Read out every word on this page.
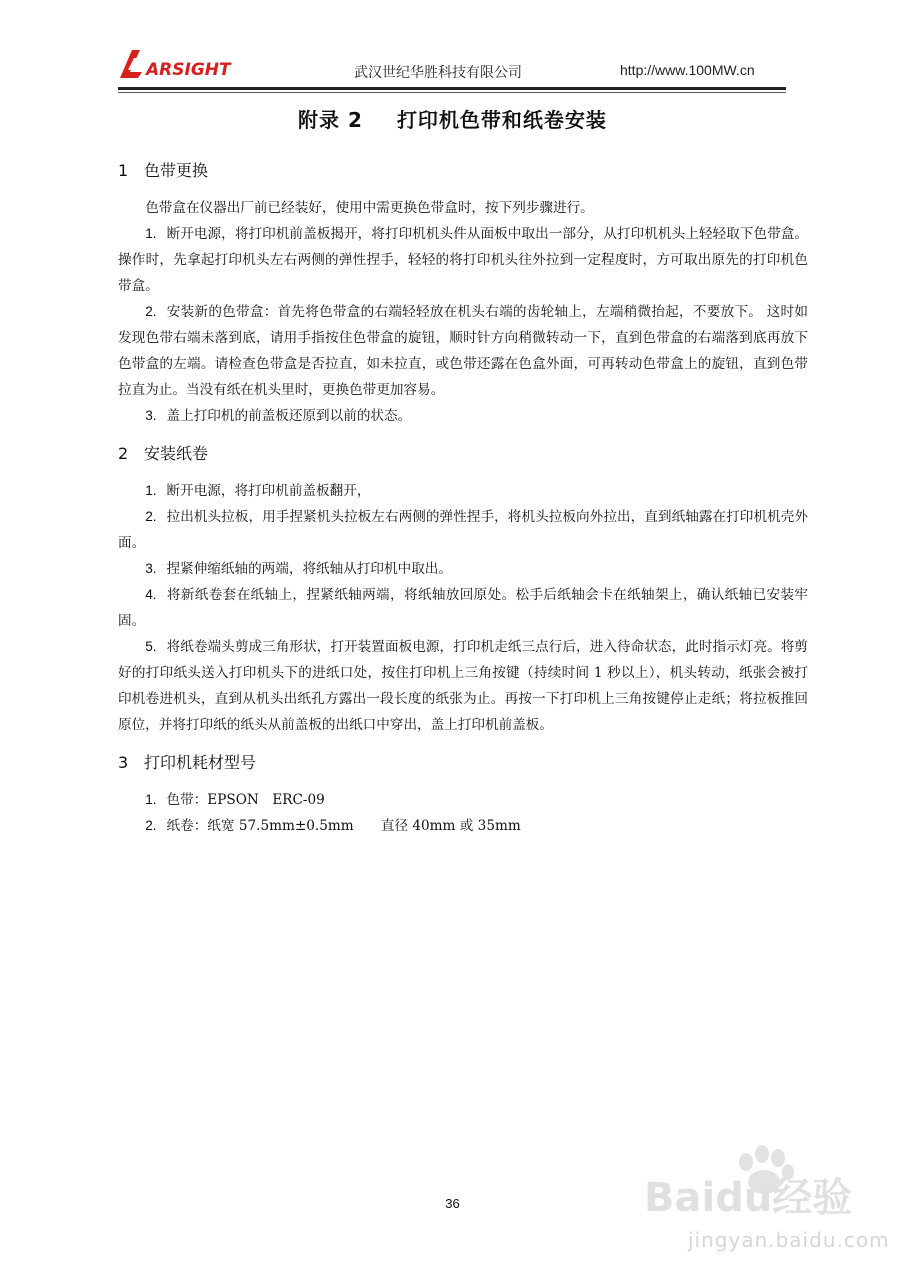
ARSIGHT	武汉世纪华胜科技有限公司	http://www.100MW.cn
附录 2 打印机色带和纸卷安装
1 色带更换

色带盒在仪器出厂前已经装好，使用中需更换色带盒时，按下列步骤进行。

1. 断开电源，将打印机前盖板揭开，将打印机机头件从面板中取出一部分，从打印机机头上轻轻取下色带盒。操作时，先拿起打印机头左右两侧的弹性捏手，轻轻的将打印机头往外拉到一定程度时，方可取出原先的打印机色带盒。

2. 安装新的色带盒：首先将色带盒的右端轻轻放在机头右端的齿轮轴上，左端稍微抬起，不要放下。 这时如发现色带右端未落到底，请用手指按住色带盒的旋钮，顺时针方向稍微转动一下，直到色带盒的右端落到底再放下色带盒的左端。请检查色带盒是否拉直，如未拉直，或色带还露在色盒外面，可再转动色带盒上的旋钮，直到色带拉直为止。当没有纸在机头里时，更换色带更加容易。

3. 盖上打印机的前盖板还原到以前的状态。

2 安装纸卷

1. 断开电源，将打印机前盖板翻开，

2. 拉出机头拉板，用手捏紧机头拉板左右两侧的弹性捏手，将机头拉板向外拉出，直到纸轴露在打印机机壳外面。

3. 捏紧伸缩纸轴的两端，将纸轴从打印机中取出。

4. 将新纸卷套在纸轴上，捏紧纸轴两端，将纸轴放回原处。松手后纸轴会卡在纸轴架上，确认纸轴已安装牢固。

5. 将纸卷端头剪成三角形状，打开装置面板电源，打印机走纸三点行后，进入待命状态，此时指示灯亮。将剪好的打印纸头送入打印机头下的进纸口处，按住打印机上三角按键（持续时间 1 秒以上），机头转动，纸张会被打印机卷进机头，直到从机头出纸孔方露出一段长度的纸张为止。再按一下打印机上三角按键停止走纸；将拉板推回原位，并将打印纸的纸头从前盖板的出纸口中穿出，盖上打印机前盖板。

3 打印机耗材型号

1. 色带：EPSON　ERC-09

2. 纸卷：纸宽 57.5mm±0.5mm　　直径 40mm 或 35mm

36	Baidu经验
jingyan.baidu.com
